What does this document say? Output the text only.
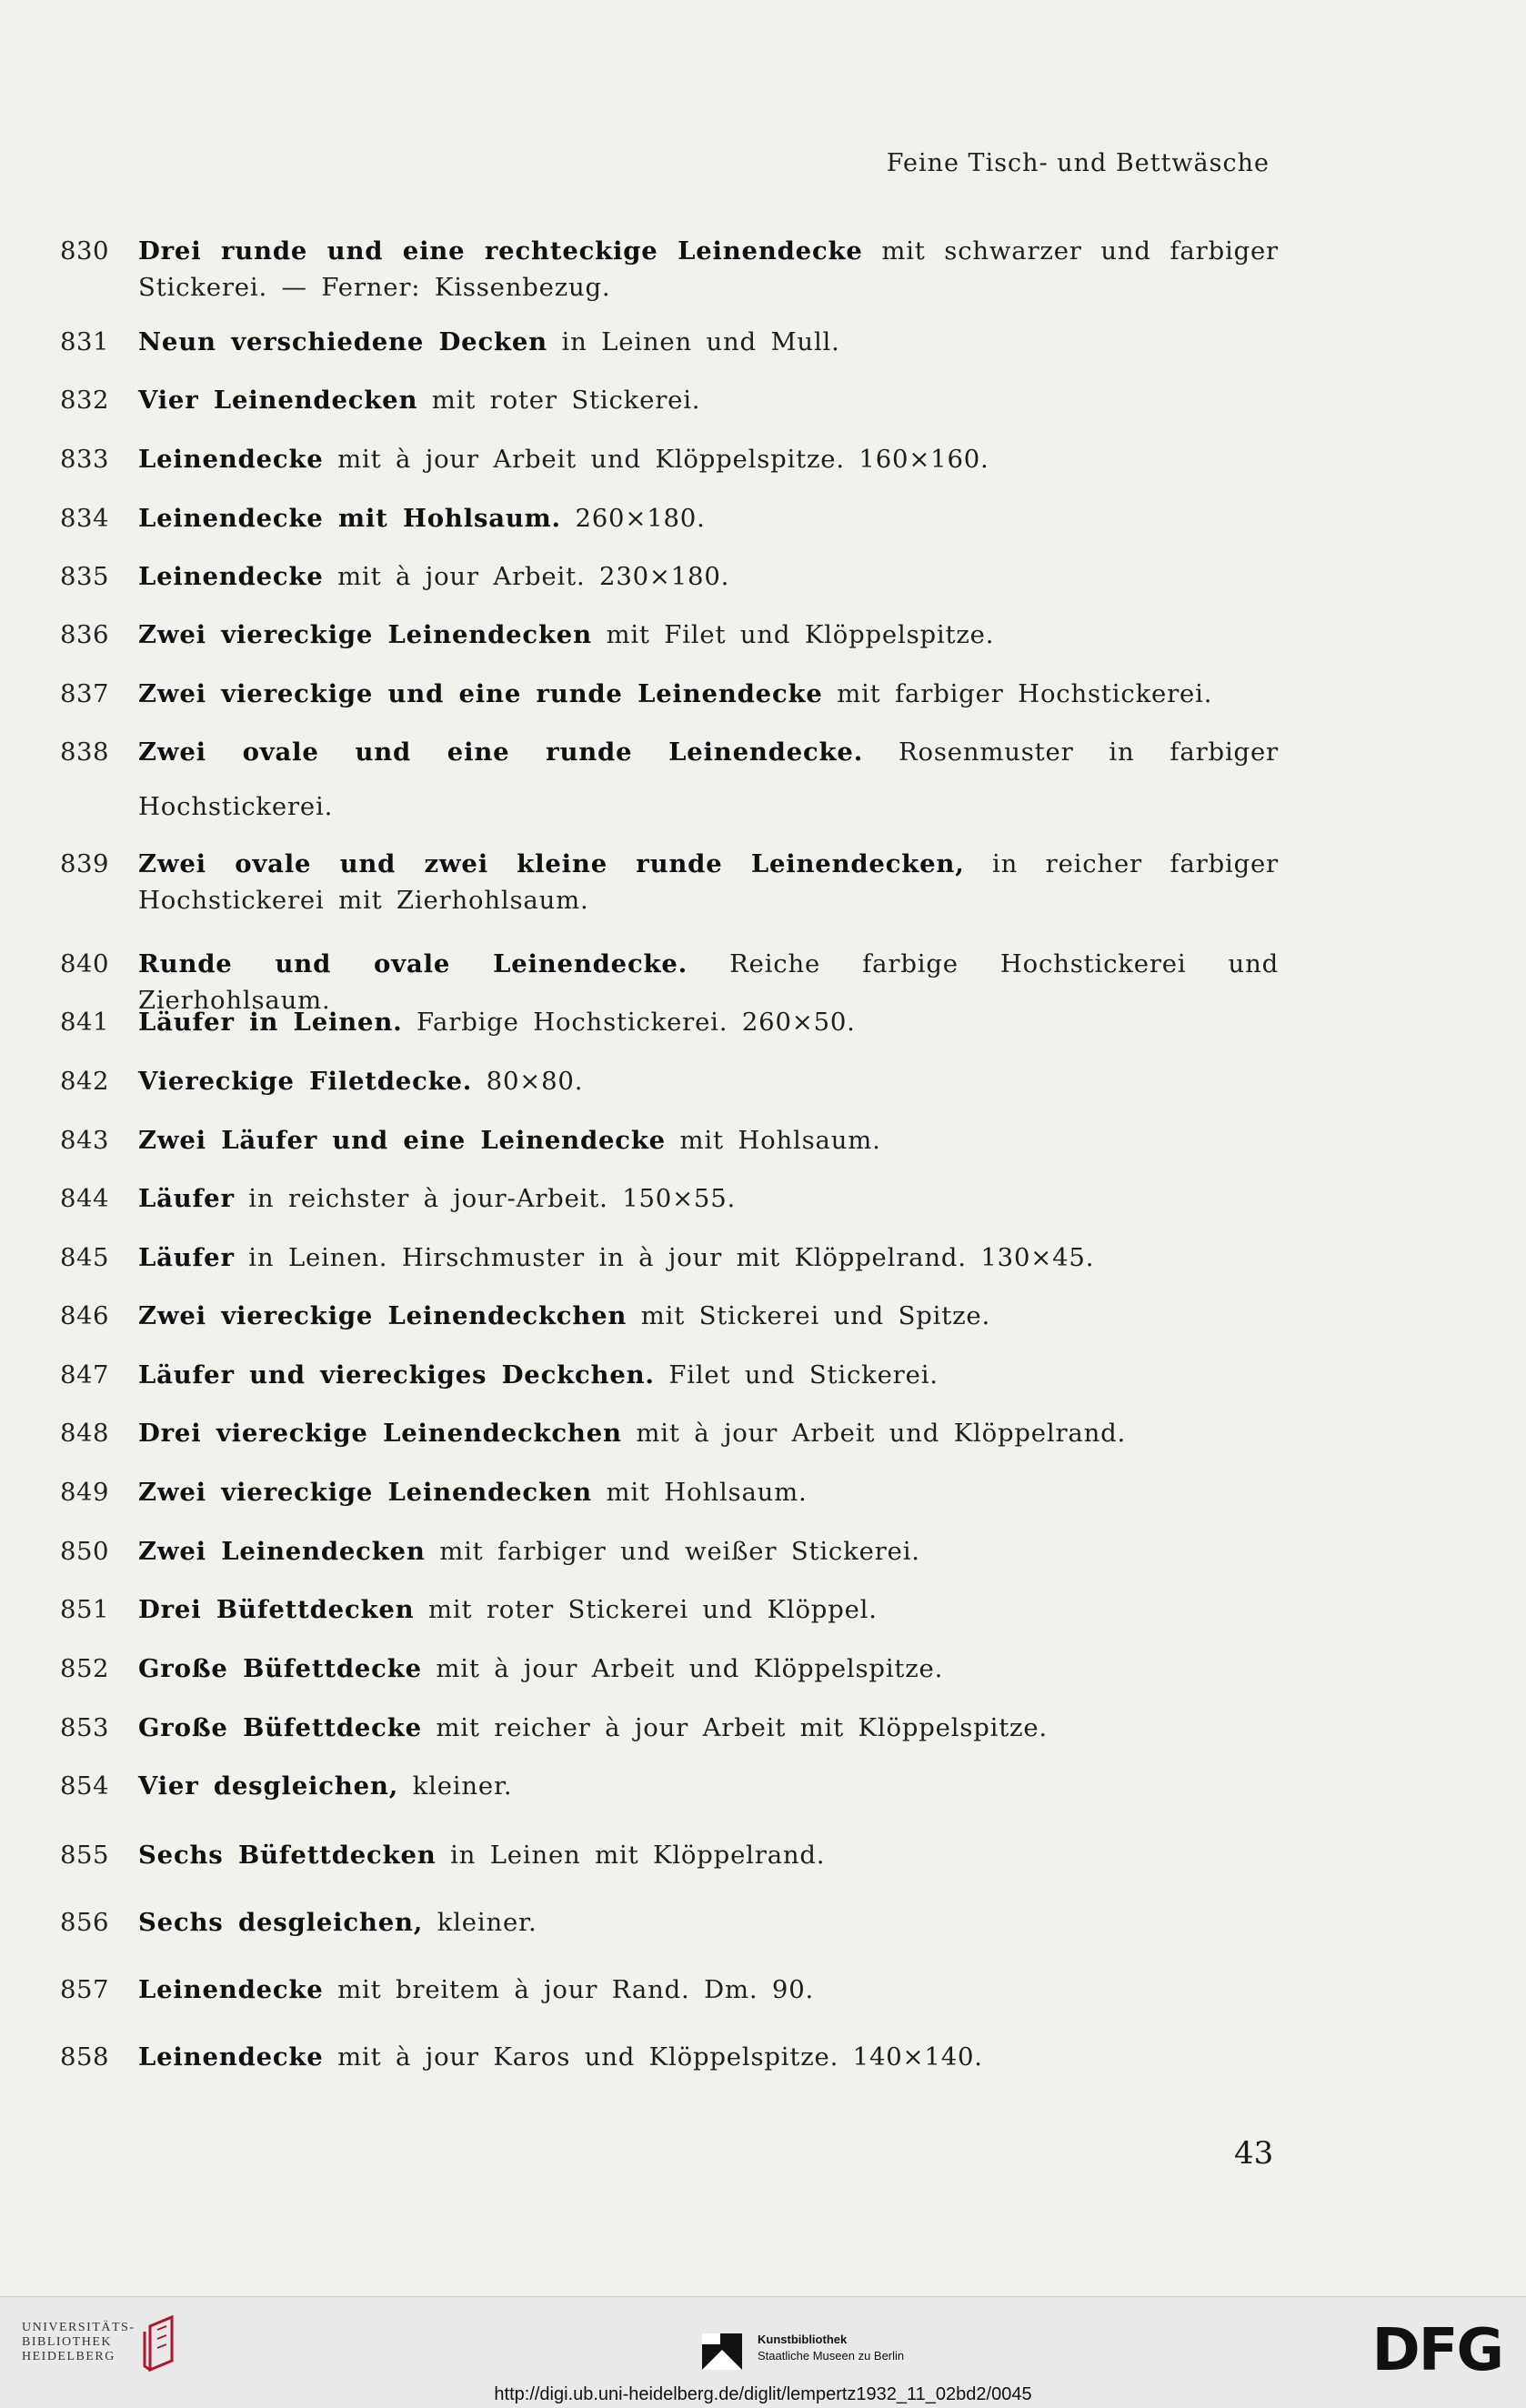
Feine Tisch- und Bettwäsche
830	Drei runde und eine rechteckige Leinendecke mit schwarzer und farbiger Stickerei. — Ferner: Kissenbezug.
831	Neun verschiedene Decken in Leinen und Mull.
832	Vier Leinendecken mit roter Stickerei.
833	Leinendecke mit à jour Arbeit und Klöppelspitze. 160×160.
834	Leinendecke mit Hohlsaum. 260×180.
835	Leinendecke mit à jour Arbeit. 230×180.
836	Zwei viereckige Leinendecken mit Filet und Klöppelspitze.
837	Zwei viereckige und eine runde Leinendecke mit farbiger Hochstickerei.
838	Zwei ovale und eine runde Leinendecke. Rosenmuster in farbiger Hochstickerei.
839	Zwei ovale und zwei kleine runde Leinendecken, in reicher farbiger Hochstickerei mit Zierhohlsaum.
840	Runde und ovale Leinendecke. Reiche farbige Hochstickerei und Zierhohlsaum.
841	Läufer in Leinen. Farbige Hochstickerei. 260×50.
842	Viereckige Filetdecke. 80×80.
843	Zwei Läufer und eine Leinendecke mit Hohlsaum.
844	Läufer in reichster à jour-Arbeit. 150×55.
845	Läufer in Leinen. Hirschmuster in à jour mit Klöppelrand. 130×45.
846	Zwei viereckige Leinendeckchen mit Stickerei und Spitze.
847	Läufer und viereckiges Deckchen. Filet und Stickerei.
848	Drei viereckige Leinendeckchen mit à jour Arbeit und Klöppelrand.
849	Zwei viereckige Leinendecken mit Hohlsaum.
850	Zwei Leinendecken mit farbiger und weißer Stickerei.
851	Drei Büfettdecken mit roter Stickerei und Klöppel.
852	Große Büfettdecke mit à jour Arbeit und Klöppelspitze.
853	Große Büfettdecke mit reicher à jour Arbeit mit Klöppelspitze.
854	Vier desgleichen, kleiner.
855	Sechs Büfettdecken in Leinen mit Klöppelrand.
856	Sechs desgleichen, kleiner.
857	Leinendecke mit breitem à jour Rand. Dm. 90.
858	Leinendecke mit à jour Karos und Klöppelspitze. 140×140.
43
UNIVERSITÄTS-
BIBLIOTHEK
HEIDELBERG
Kunstbibliothek
Staatliche Museen zu Berlin	DFG
http://digi.ub.uni-heidelberg.de/diglit/lempertz1932_11_02bd2/0045
